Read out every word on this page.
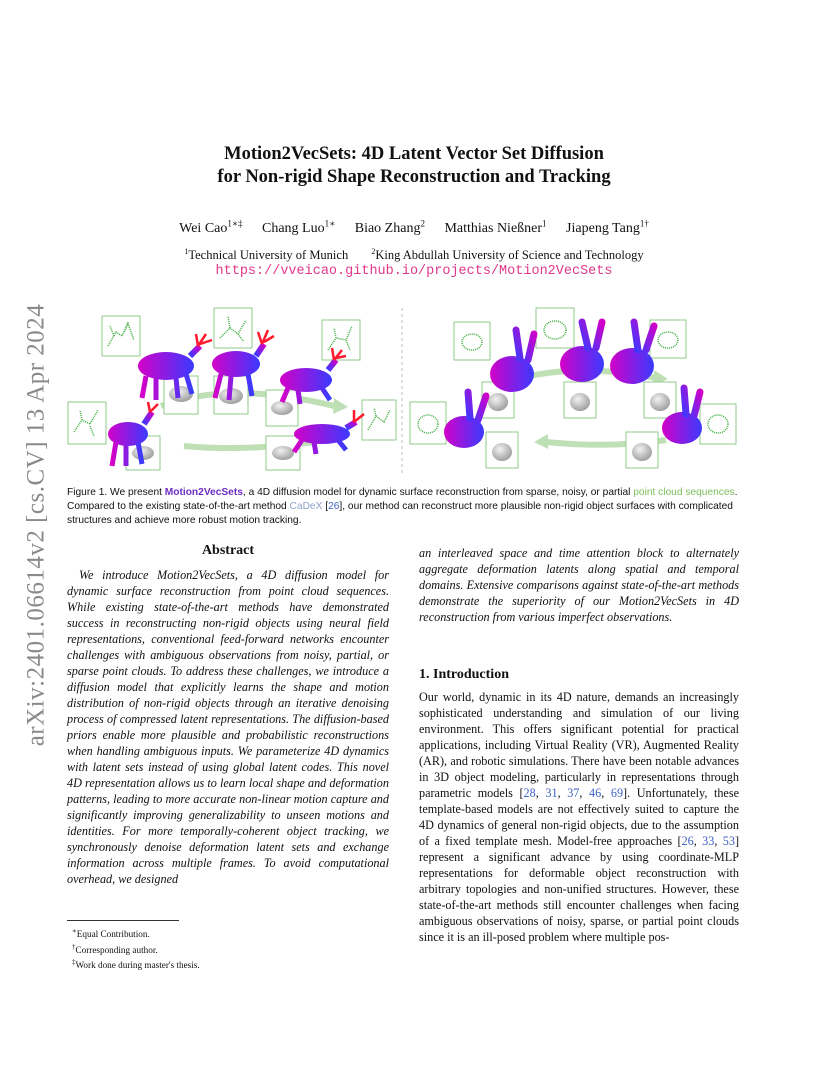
arXiv:2401.06614v2 [cs.CV] 13 Apr 2024
Motion2VecSets: 4D Latent Vector Set Diffusion
for Non-rigid Shape Reconstruction and Tracking
Wei Cao$^{1∗\ddagger}$ Chang Luo$^{1∗}$ Biao Zhang$^2$ Matthias Nießner$^1$ Jiapeng Tang$^{1\dagger}$
$^1$Technical University of Munich	$^2$King Abdullah University of Science and Technology
https://vveicao.github.io/projects/Motion2VecSets
Figure 1. We present Motion2VecSets, a 4D diffusion model for dynamic surface reconstruction from sparse, noisy, or partial point cloud sequences. Compared to the existing state-of-the-art method CaDeX [26], our method can reconstruct more plausible non-rigid object surfaces with complicated structures and achieve more robust motion tracking.
Abstract

We introduce Motion2VecSets, a 4D diffusion model for dynamic surface reconstruction from point cloud sequences. While existing state-of-the-art methods have demonstrated success in reconstructing non-rigid objects using neural field representations, conventional feed-forward networks encounter challenges with ambiguous observations from noisy, partial, or sparse point clouds. To address these challenges, we introduce a diffusion model that explicitly learns the shape and motion distribution of non-rigid objects through an iterative denoising process of compressed latent representations. The diffusion-based priors enable more plausible and probabilistic reconstructions when handling ambiguous inputs. We parameterize 4D dynamics with latent sets instead of using global latent codes. This novel 4D representation allows us to learn local shape and deformation patterns, leading to more accurate non-linear motion capture and significantly improving generalizability to unseen motions and identities. For more temporally-coherent object tracking, we synchronously denoise deformation latent sets and exchange information across multiple frames. To avoid computational overhead, we designed

an interleaved space and time attention block to alternately aggregate deformation latents along spatial and temporal domains. Extensive comparisons against state-of-the-art methods demonstrate the superiority of our Motion2VecSets in 4D reconstruction from various imperfect observations.

1. Introduction

Our world, dynamic in its 4D nature, demands an increasingly sophisticated understanding and simulation of our living environment. This offers significant potential for practical applications, including Virtual Reality (VR), Augmented Reality (AR), and robotic simulations. There have been notable advances in 3D object modeling, particularly in representations through parametric models [28, 31, 37, 46, 69]. Unfortunately, these template-based models are not effectively suited to capture the 4D dynamics of general non-rigid objects, due to the assumption of a fixed template mesh. Model-free approaches [26, 33, 53] represent a significant advance by using coordinate-MLP representations for deformable object reconstruction with arbitrary topologies and non-unified structures. However, these state-of-the-art methods still encounter challenges when facing ambiguous observations of noisy, sparse, or partial point clouds since it is an ill-posed problem where multiple pos-

∗Equal Contribution.
†Corresponding author.
‡Work done during master's thesis.
